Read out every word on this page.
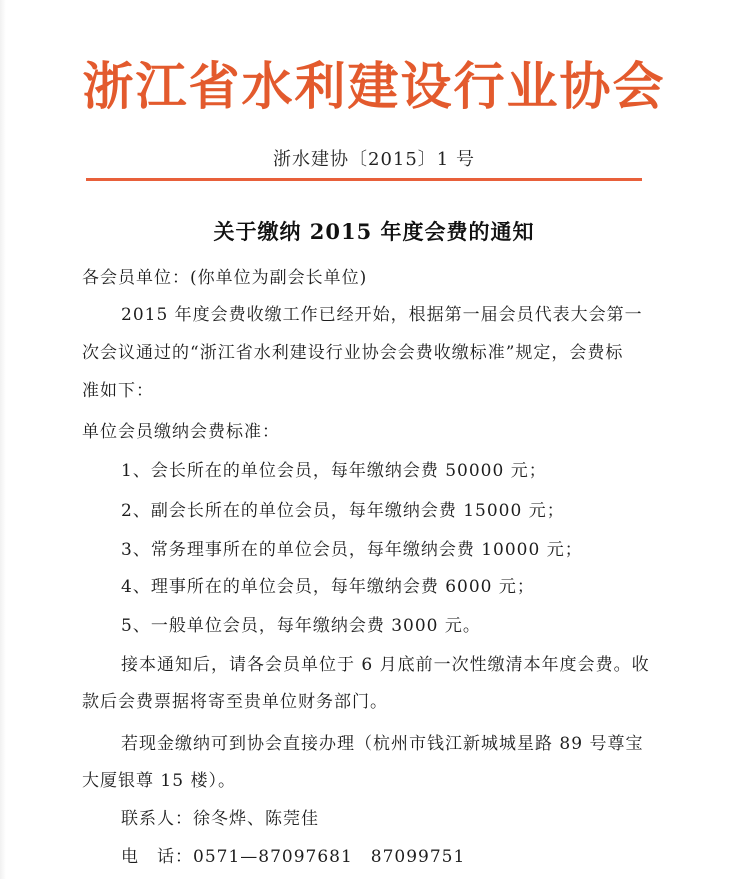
浙江省水利建设行业协会
浙水建协〔2015〕1 号
关于缴纳 2015 年度会费的通知
各会员单位：(你单位为副会长单位)
2015 年度会费收缴工作已经开始，根据第一届会员代表大会第一
次会议通过的“浙江省水利建设行业协会会费收缴标准”规定，会费标
准如下：
单位会员缴纳会费标准：
1、会长所在的单位会员，每年缴纳会费 50000 元；
2、副会长所在的单位会员，每年缴纳会费 15000 元；
3、常务理事所在的单位会员，每年缴纳会费 10000 元；
4、理事所在的单位会员，每年缴纳会费 6000 元；
5、一般单位会员，每年缴纳会费 3000 元。
接本通知后，请各会员单位于 6 月底前一次性缴清本年度会费。收
款后会费票据将寄至贵单位财务部门。
若现金缴纳可到协会直接办理（杭州市钱江新城城星路 89 号尊宝
大厦银尊 15 楼）。
联系人：徐冬烨、陈莞佳
电　话：0571—87097681　87099751
